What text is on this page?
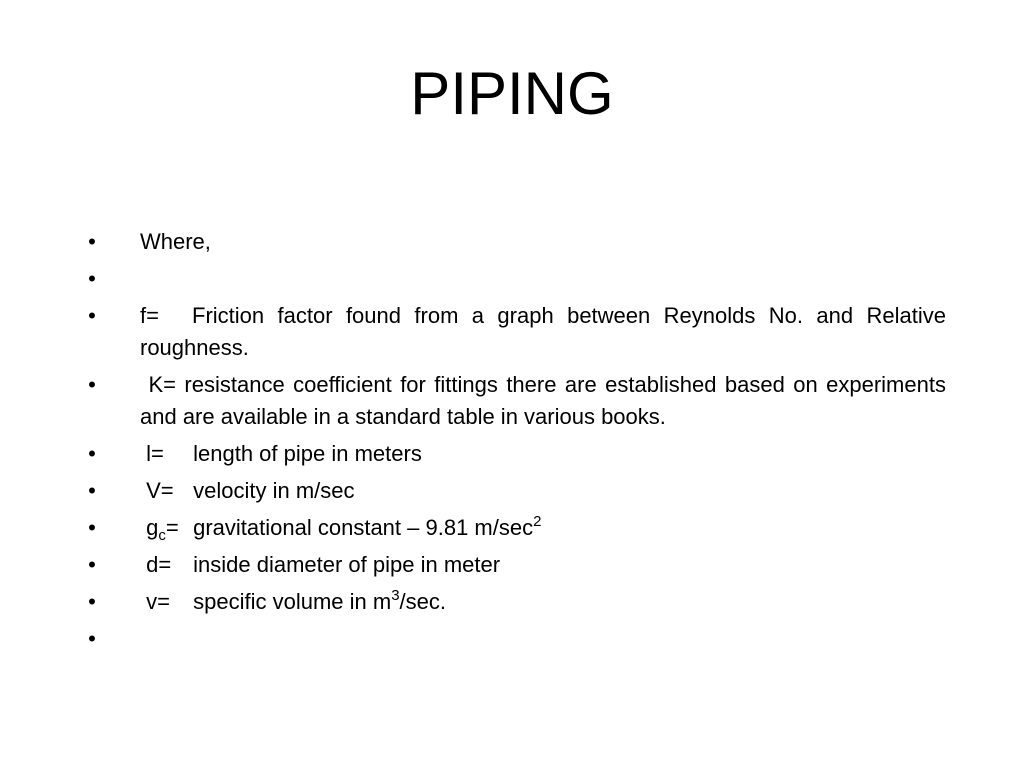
PIPING
• Where,
•
• f= Friction factor found from a graph between Reynolds No. and Relative roughness.
• K= resistance coefficient for fittings there are established based on experiments and are available in a standard table in various books.
• l= length of pipe in meters
• V= velocity in m/sec
• $g_c=$ gravitational constant – 9.81 $m/\sec^2$
• d= inside diameter of pipe in meter
• v= specific volume in $m^3/\sec$.
•
